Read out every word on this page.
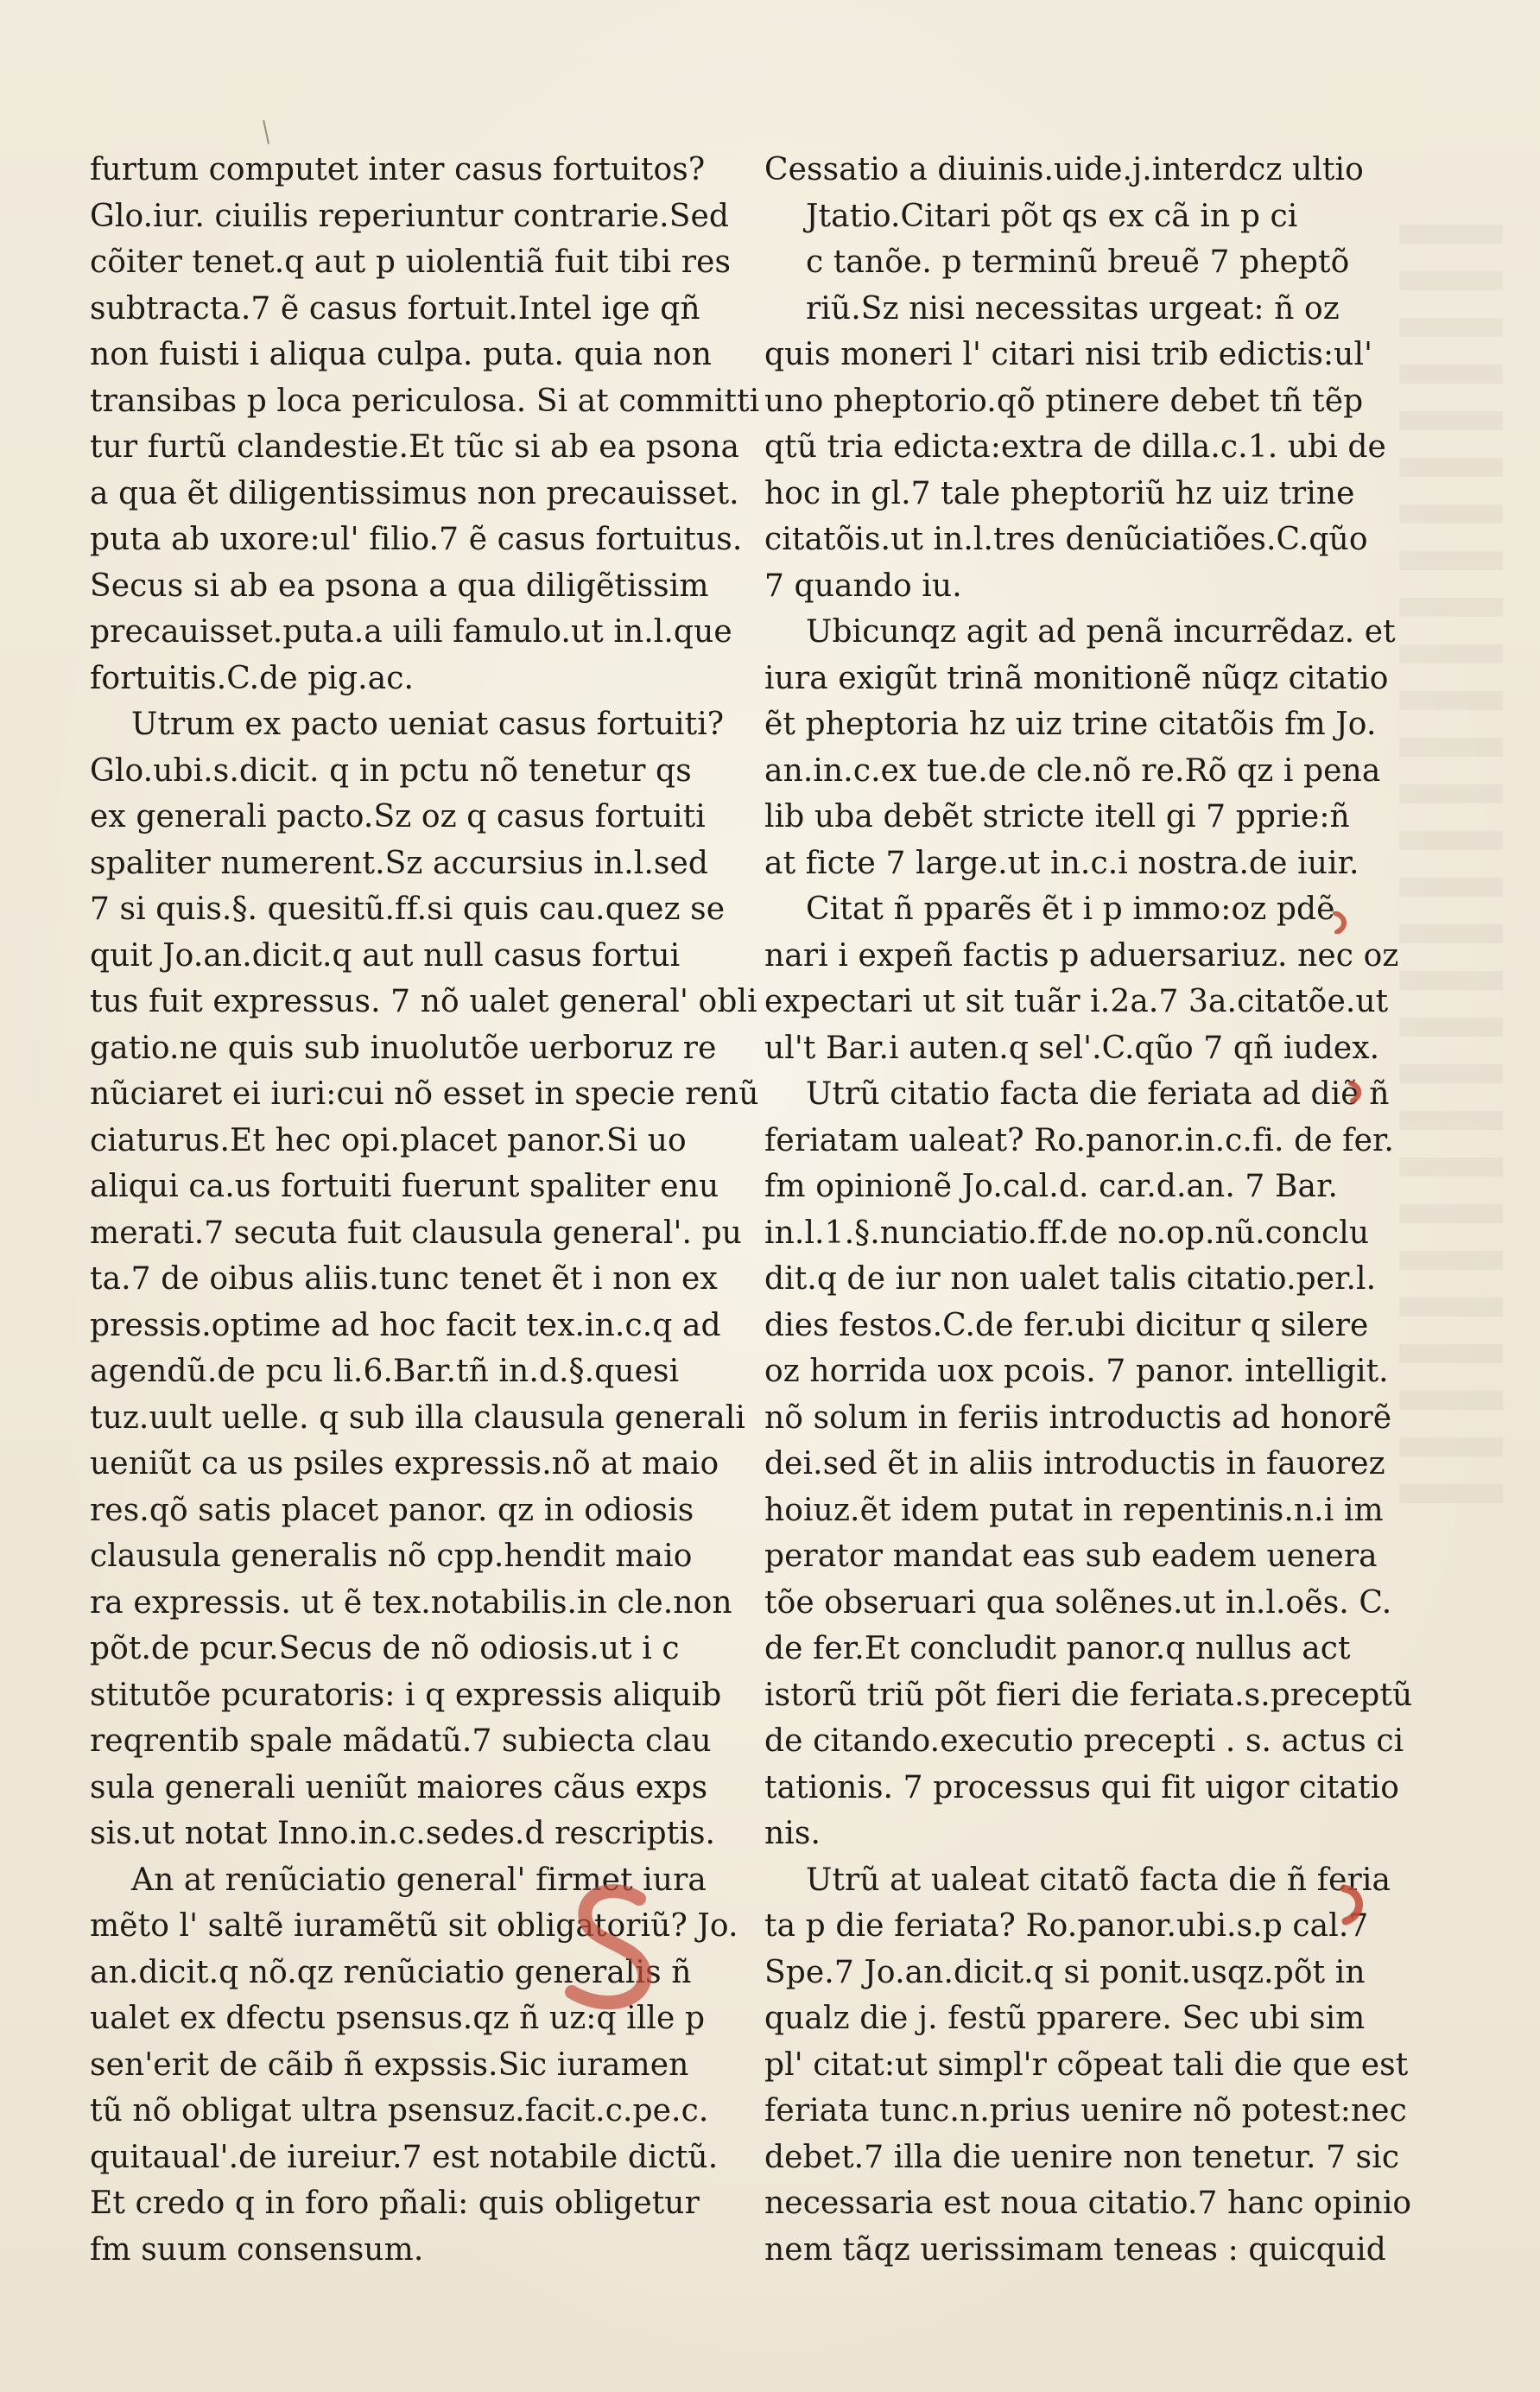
furtum computet inter casus fortuitos?
Glo.iur. ciuilis reperiuntur contrarie.Sed
cõiter tenet.q aut p uiolentiã fuit tibi res
subtracta.7 ẽ casus fortuit.Intel ige qñ
non fuisti i aliqua culpa. puta. quia non
transibas p loca periculosa. Si at committi
tur furtũ clandestie.Et tũc si ab ea psona
a qua ẽt diligentissimus non precauisset.
puta ab uxore:ul' filio.7 ẽ casus fortuitus.
Secus si ab ea psona a qua diligẽtissim
precauisset.puta.a uili famulo.ut in.l.que
fortuitis.C.de pig.ac.
Utrum ex pacto ueniat casus fortuiti?
Glo.ubi.s.dicit. q in pctu nõ tenetur qs
ex generali pacto.Sz oz q casus fortuiti
spaliter numerent.Sz accursius in.l.sed
7 si quis.§. quesitũ.ff.si quis cau.quez se
quit Jo.an.dicit.q aut null casus fortui
tus fuit expressus. 7 nõ ualet general' obli
gatio.ne quis sub inuolutõe uerboruz re
nũciaret ei iuri:cui nõ esset in specie renũ
ciaturus.Et hec opi.placet panor.Si uo
aliqui ca.us fortuiti fuerunt spaliter enu
merati.7 secuta fuit clausula general'. pu
ta.7 de oibus aliis.tunc tenet ẽt i non ex
pressis.optime ad hoc facit tex.in.c.q ad
agendũ.de pcu li.6.Bar.tñ in.d.§.quesi
tuz.uult uelle. q sub illa clausula generali
ueniũt ca us psiles expressis.nõ at maio
res.qõ satis placet panor. qz in odiosis
clausula generalis nõ cpp.hendit maio
ra expressis. ut ẽ tex.notabilis.in cle.non
põt.de pcur.Secus de nõ odiosis.ut i c
stitutõe pcuratoris: i q expressis aliquib
reqrentib spale mãdatũ.7 subiecta clau
sula generali ueniũt maiores cãus exps
sis.ut notat Inno.in.c.sedes.d rescriptis.
An at renũciatio general' firmet iura
mẽto l' saltẽ iuramẽtũ sit obligatoriũ? Jo.
an.dicit.q nõ.qz renũciatio generalis ñ
ualet ex dfectu psensus.qz ñ uz:q ille p
sen'erit de cãib ñ expssis.Sic iuramen
tũ nõ obligat ultra psensuz.facit.c.pe.c.
quitaual'.de iureiur.7 est notabile dictũ.
Et credo q in foro pñali: quis obligetur
fm suum consensum.
Cessatio a diuinis.uide.j.interdcz ultio
Jtatio.Citari põt qs ex cã in p ci
c tanõe. p terminũ breuẽ 7 pheptõ
riũ.Sz nisi necessitas urgeat: ñ oz
quis moneri l' citari nisi trib edictis:ul'
uno pheptorio.qõ ptinere debet tñ tẽp
qtũ tria edicta:extra de dilla.c.1. ubi de
hoc in gl.7 tale pheptoriũ hz uiz trine
citatõis.ut in.l.tres denũciatiões.C.qũo
7 quando iu.
Ubicunqz agit ad penã incurrẽdaz. et
iura exigũt trinã monitionẽ nũqz citatio
ẽt pheptoria hz uiz trine citatõis fm Jo.
an.in.c.ex tue.de cle.nõ re.Rõ qz i pena
lib uba debẽt stricte itell gi 7 pprie:ñ
at ficte 7 large.ut in.c.i nostra.de iuir.
Citat ñ pparẽs ẽt i p immo:oz pdẽ
nari i expeñ factis p aduersariuz. nec oz
expectari ut sit tuãr i.2a.7 3a.citatõe.ut
ul't Bar.i auten.q sel'.C.qũo 7 qñ iudex.
Utrũ citatio facta die feriata ad diẽ ñ
feriatam ualeat? Ro.panor.in.c.fi. de fer.
fm opinionẽ Jo.cal.d. car.d.an. 7 Bar.
in.l.1.§.nunciatio.ff.de no.op.nũ.conclu
dit.q de iur non ualet talis citatio.per.l.
dies festos.C.de fer.ubi dicitur q silere
oz horrida uox pcois. 7 panor. intelligit.
nõ solum in feriis introductis ad honorẽ
dei.sed ẽt in aliis introductis in fauorez
hoiuz.ẽt idem putat in repentinis.n.i im
perator mandat eas sub eadem uenera
tõe obseruari qua solẽnes.ut in.l.oẽs. C.
de fer.Et concludit panor.q nullus act
istorũ triũ põt fieri die feriata.s.preceptũ
de citando.executio precepti . s. actus ci
tationis. 7 processus qui fit uigor citatio
nis.
Utrũ at ualeat citatõ facta die ñ feria
ta p die feriata? Ro.panor.ubi.s.p cal.7
Spe.7 Jo.an.dicit.q si ponit.usqz.põt in
qualz die j. festũ pparere. Sec ubi sim
pl' citat:ut simpl'r cõpeat tali die que est
feriata tunc.n.prius uenire nõ potest:nec
debet.7 illa die uenire non tenetur. 7 sic
necessaria est noua citatio.7 hanc opinio
nem tãqz uerissimam teneas : quicquid
